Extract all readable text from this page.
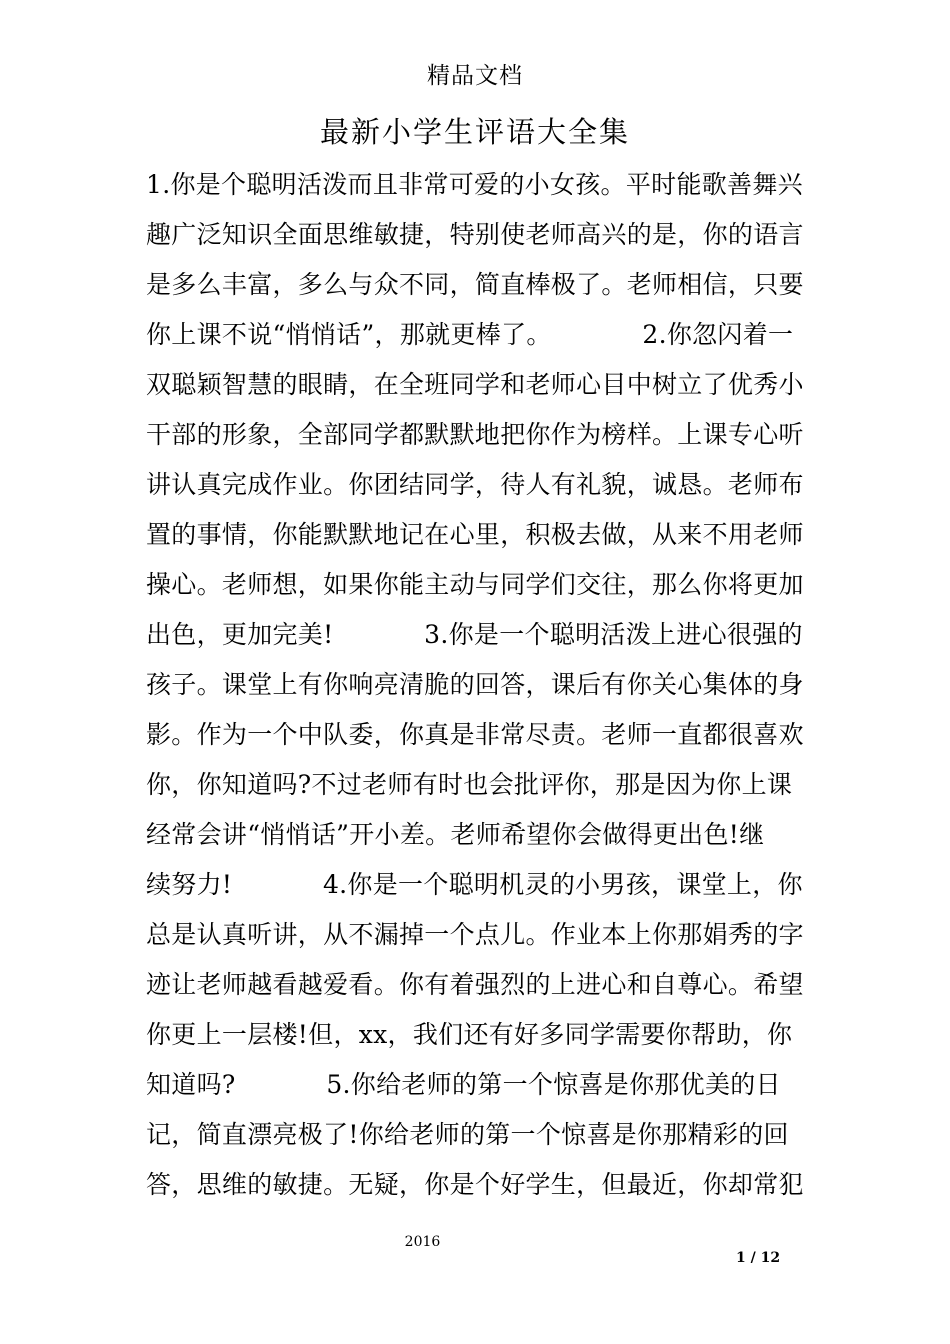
精品文档
最新小学生评语大全集
1.你是个聪明活泼而且非常可爱的小女孩。平时能歌善舞兴
趣广泛知识全面思维敏捷，特别使老师高兴的是，你的语言
是多么丰富，多么与众不同，简直棒极了。老师相信，只要
你上课不说“悄悄话”，那就更棒了。           2.你忽闪着一
双聪颖智慧的眼睛，在全班同学和老师心目中树立了优秀小
干部的形象，全部同学都默默地把你作为榜样。上课专心听
讲认真完成作业。你团结同学，待人有礼貌，诚恳。老师布
置的事情，你能默默地记在心里，积极去做，从来不用老师
操心。老师想，如果你能主动与同学们交往，那么你将更加
出色，更加完美!           3.你是一个聪明活泼上进心很强的
孩子。课堂上有你响亮清脆的回答，课后有你关心集体的身
影。作为一个中队委，你真是非常尽责。老师一直都很喜欢
你，你知道吗?不过老师有时也会批评你，那是因为你上课
经常会讲“悄悄话”开小差。老师希望你会做得更出色!继
续努力!           4.你是一个聪明机灵的小男孩，课堂上，你
总是认真听讲，从不漏掉一个点儿。作业本上你那娟秀的字
迹让老师越看越爱看。你有着强烈的上进心和自尊心。希望
你更上一层楼!但，xx，我们还有好多同学需要你帮助，你
知道吗?           5.你给老师的第一个惊喜是你那优美的日
记，简直漂亮极了!你给老师的第一个惊喜是你那精彩的回
答，思维的敏捷。无疑，你是个好学生，但最近，你却常犯
2016
1 / 12
